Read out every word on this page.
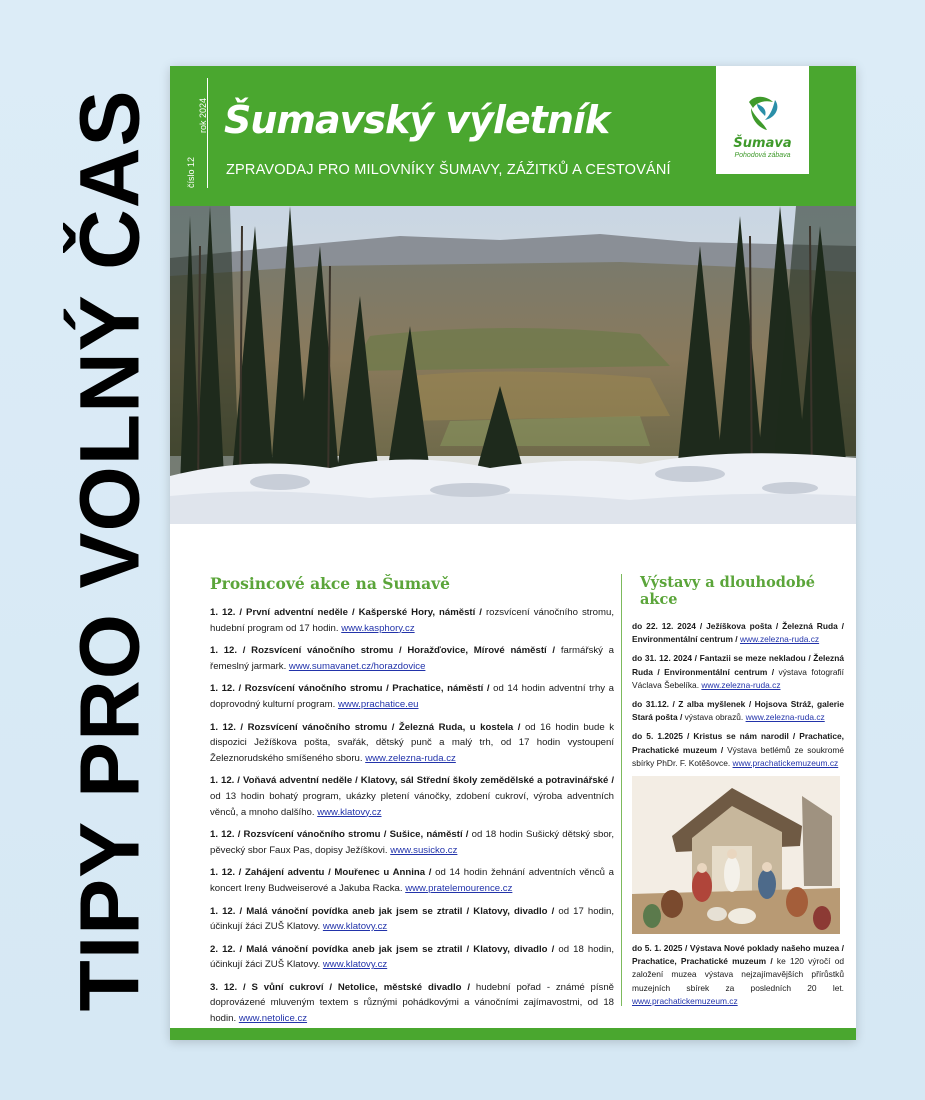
TIPY PRO VOLNÝ ČAS	číslo 12
rok 2024 Šumavský výletník
ZPRAVODAJ PRO MILOVNÍKY ŠUMAVY, ZÁŽITKŮ A CESTOVÁNÍ
Šumava
Pohodová zábava
Prosincové akce na Šumavě

1. 12. / První adventní neděle / Kašperské Hory, náměstí / rozsvícení vánočního stromu, hudební program od 17 hodin. www.kasphory.cz

1. 12. / Rozsvícení vánočního stromu / Horažďovice, Mírové náměstí / farmářský a řemeslný jarmark. www.sumavanet.cz/horazdovice

1. 12. / Rozsvícení vánočního stromu / Prachatice, náměstí / od 14 hodin adventní trhy a doprovodný kulturní program. www.prachatice.eu

1. 12. / Rozsvícení vánočního stromu / Železná Ruda, u kostela / od 16 hodin bude k dispozici Ježíškova pošta, svařák, dětský punč a malý trh, od 17 hodin vystoupení Železnorudského smíšeného sboru. www.zelezna-ruda.cz

1. 12. / Voňavá adventní neděle / Klatovy, sál Střední školy zemědělské a potravinářské / od 13 hodin bohatý program, ukázky pletení vánočky, zdobení cukroví, výroba adventních věnců, a mnoho dalšího. www.klatovy.cz

1. 12. / Rozsvícení vánočního stromu / Sušice, náměstí / od 18 hodin Sušický dětský sbor, pěvecký sbor Faux Pas, dopisy Ježíškovi. www.susicko.cz

1. 12. / Zahájení adventu / Mouřenec u Annina / od 14 hodin žehnání adventních věnců a koncert Ireny Budweiserové a Jakuba Racka. www.pratelemourence.cz

1. 12. / Malá vánoční povídka aneb jak jsem se ztratil / Klatovy, divadlo / od 17 hodin, účinkují žáci ZUŠ Klatovy. www.klatovy.cz

2. 12. / Malá vánoční povídka aneb jak jsem se ztratil / Klatovy, divadlo / od 18 hodin, účinkují žáci ZUŠ Klatovy. www.klatovy.cz

3. 12. / S vůní cukroví / Netolice, městské divadlo / hudební pořad - známé písně doprovázené mluveným textem s různými pohádkovými a vánočními zajímavostmi, od 18 hodin. www.netolice.cz

Výstavy a dlouhodobé akce

do 22. 12. 2024 / Ježíškova pošta / Železná Ruda / Environmentální centrum / www.zelezna-ruda.cz

do 31. 12. 2024 / Fantazii se meze nekladou / Železná Ruda / Environmentální centrum / výstava fotografií Václava Šebelíka. www.zelezna-ruda.cz

do 31.12. / Z alba myšlenek / Hojsova Stráž, galerie Stará pošta / výstava obrazů. www.zelezna-ruda.cz

do 5. 1.2025 / Kristus se nám narodil / Prachatice, Prachatické muzeum / Výstava betlémů ze soukromé sbírky PhDr. F. Kotěšovce. www.prachatickemuzeum.cz

do 5. 1. 2025 / Výstava Nové poklady našeho muzea / Prachatice, Prachatické muzeum / ke 120 výročí od založení muzea výstava nejzajímavějších přírůstků muzejních sbírek za posledních 20 let. www.prachatickemuzeum.cz
